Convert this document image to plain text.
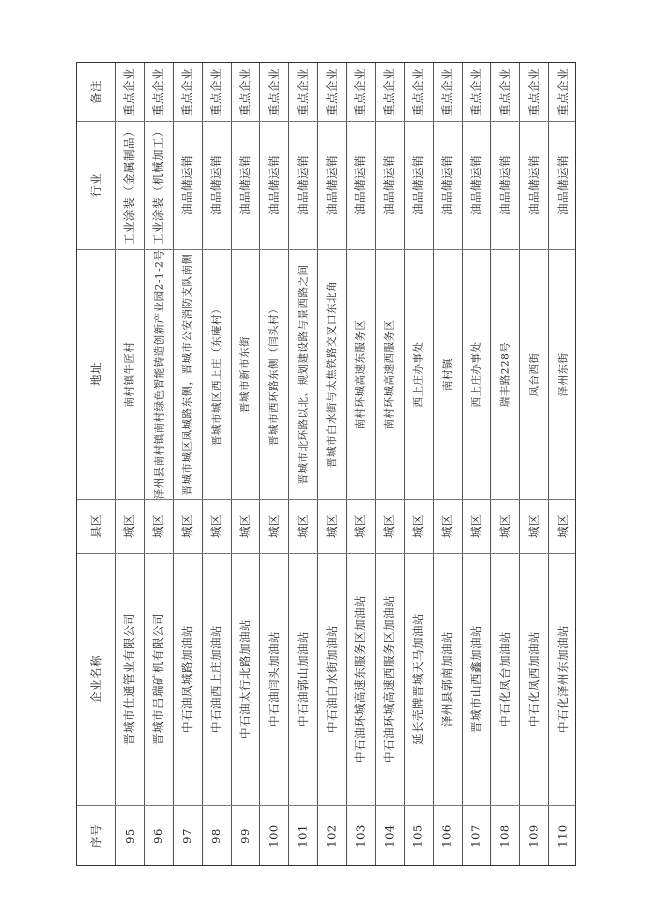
备注
行业
地址
县区
企业名称
序号
重点企业
工业涂装（金属制品）
南村镇牛匠村
城区
晋城市仕通管业有限公司
95
重点企业
工业涂装（机械加工）
泽州县南村镇南村绿色智能铸造创新产业园2-1-2号
城区
晋城市吕瑞矿机有限公司
96
重点企业
油品储运销
晋城市城区凤城路东侧，晋城市公安消防支队南侧
城区
中石油凤城路加油站
97
重点企业
油品储运销
晋城市城区西上庄（东庵村）
城区
中石油西上庄加油站
98
重点企业
油品储运销
晋城市新市东街
城区
中石油太行北路加油站
99
重点企业
油品储运销
晋城市西环路东侧（闫头村）
城区
中石油闫头加油站
100
重点企业
油品储运销
晋城市北环路以北、规划建设路与景西路之间
城区
中石油郭山加油站
101
重点企业
油品储运销
晋城市白水街与太焦铁路交叉口东北角
城区
中石油白水街加油站
102
重点企业
油品储运销
南村环城高速东服务区
城区
中石油环城高速东服务区加油站
103
重点企业
油品储运销
南村环城高速西服务区
城区
中石油环城高速西服务区加油站
104
重点企业
油品储运销
西上庄办事处
城区
延长壳牌晋城天马加油站
105
重点企业
油品储运销
南村镇
城区
泽州县郭南加油站
106
重点企业
油品储运销
西上庄办事处
城区
晋城市山西鑫加油站
107
重点企业
油品储运销
瑞丰路228号
城区
中石化凤台加油站
108
重点企业
油品储运销
凤台西街
城区
中石化凤西加油站
109
重点企业
油品储运销
泽州东街
城区
中石化泽州东加油站
110
